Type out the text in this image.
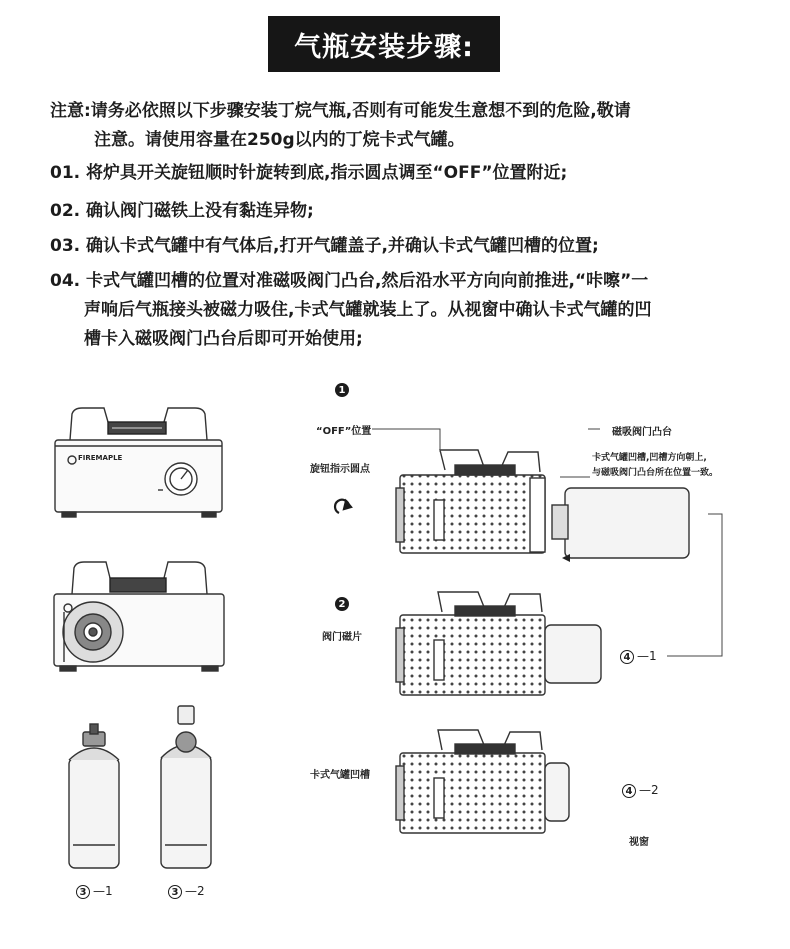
气瓶安装步骤:
注意:请务必依照以下步骤安装丁烷气瓶,否则有可能发生意想不到的危险,敬请
注意。请使用容量在250g以内的丁烷卡式气罐。
01. 将炉具开关旋钮顺时针旋转到底,指示圆点调至“OFF”位置附近;
02. 确认阀门磁铁上没有黏连异物;
03. 确认卡式气罐中有气体后,打开气罐盖子,并确认卡式气罐凹槽的位置;
04. 卡式气罐凹槽的位置对准磁吸阀门凸台,然后沿水平方向向前推进,“咔嚓”一
声响后气瓶接头被磁力吸住,卡式气罐就装上了。从视窗中确认卡式气罐的凹
槽卡入磁吸阀门凸台后即可开始使用;
1
2
3 —1	3 —2
4 —1
4 —2
FIREMAPLE
“OFF”位置
旋钮指示圆点
阀门磁片
卡式气罐凹槽
磁吸阀门凸台
卡式气罐凹槽,凹槽方向朝上,
与磁吸阀门凸台所在位置一致。
视窗
